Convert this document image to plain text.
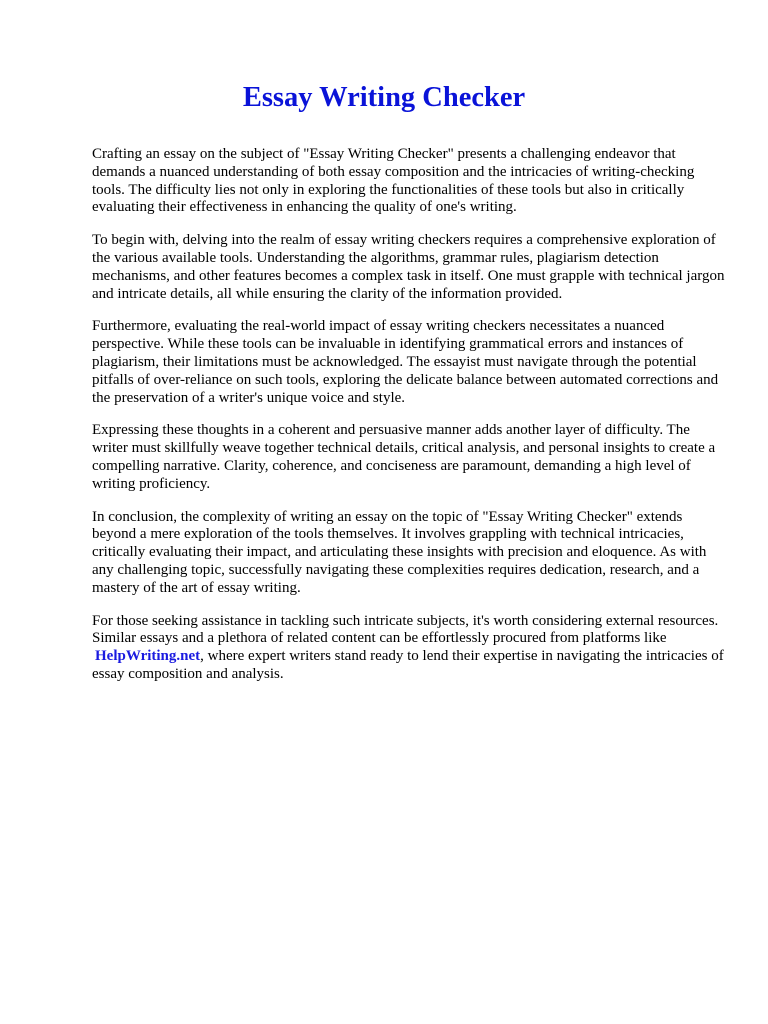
Essay Writing Checker

Crafting an essay on the subject of "Essay Writing Checker" presents a challenging endeavor that demands a nuanced understanding of both essay composition and the intricacies of writing-checking tools. The difficulty lies not only in exploring the functionalities of these tools but also in critically evaluating their effectiveness in enhancing the quality of one's writing.

To begin with, delving into the realm of essay writing checkers requires a comprehensive exploration of the various available tools. Understanding the algorithms, grammar rules, plagiarism detection mechanisms, and other features becomes a complex task in itself. One must grapple with technical jargon and intricate details, all while ensuring the clarity of the information provided.

Furthermore, evaluating the real-world impact of essay writing checkers necessitates a nuanced perspective. While these tools can be invaluable in identifying grammatical errors and instances of plagiarism, their limitations must be acknowledged. The essayist must navigate through the potential pitfalls of over-reliance on such tools, exploring the delicate balance between automated corrections and the preservation of a writer's unique voice and style.

Expressing these thoughts in a coherent and persuasive manner adds another layer of difficulty. The writer must skillfully weave together technical details, critical analysis, and personal insights to create a compelling narrative. Clarity, coherence, and conciseness are paramount, demanding a high level of writing proficiency.

In conclusion, the complexity of writing an essay on the topic of "Essay Writing Checker" extends beyond a mere exploration of the tools themselves. It involves grappling with technical intricacies, critically evaluating their impact, and articulating these insights with precision and eloquence. As with any challenging topic, successfully navigating these complexities requires dedication, research, and a mastery of the art of essay writing.

For those seeking assistance in tackling such intricate subjects, it's worth considering external resources. Similar essays and a plethora of related content can be effortlessly procured from platforms like HelpWriting.net, where expert writers stand ready to lend their expertise in navigating the intricacies of essay composition and analysis.
